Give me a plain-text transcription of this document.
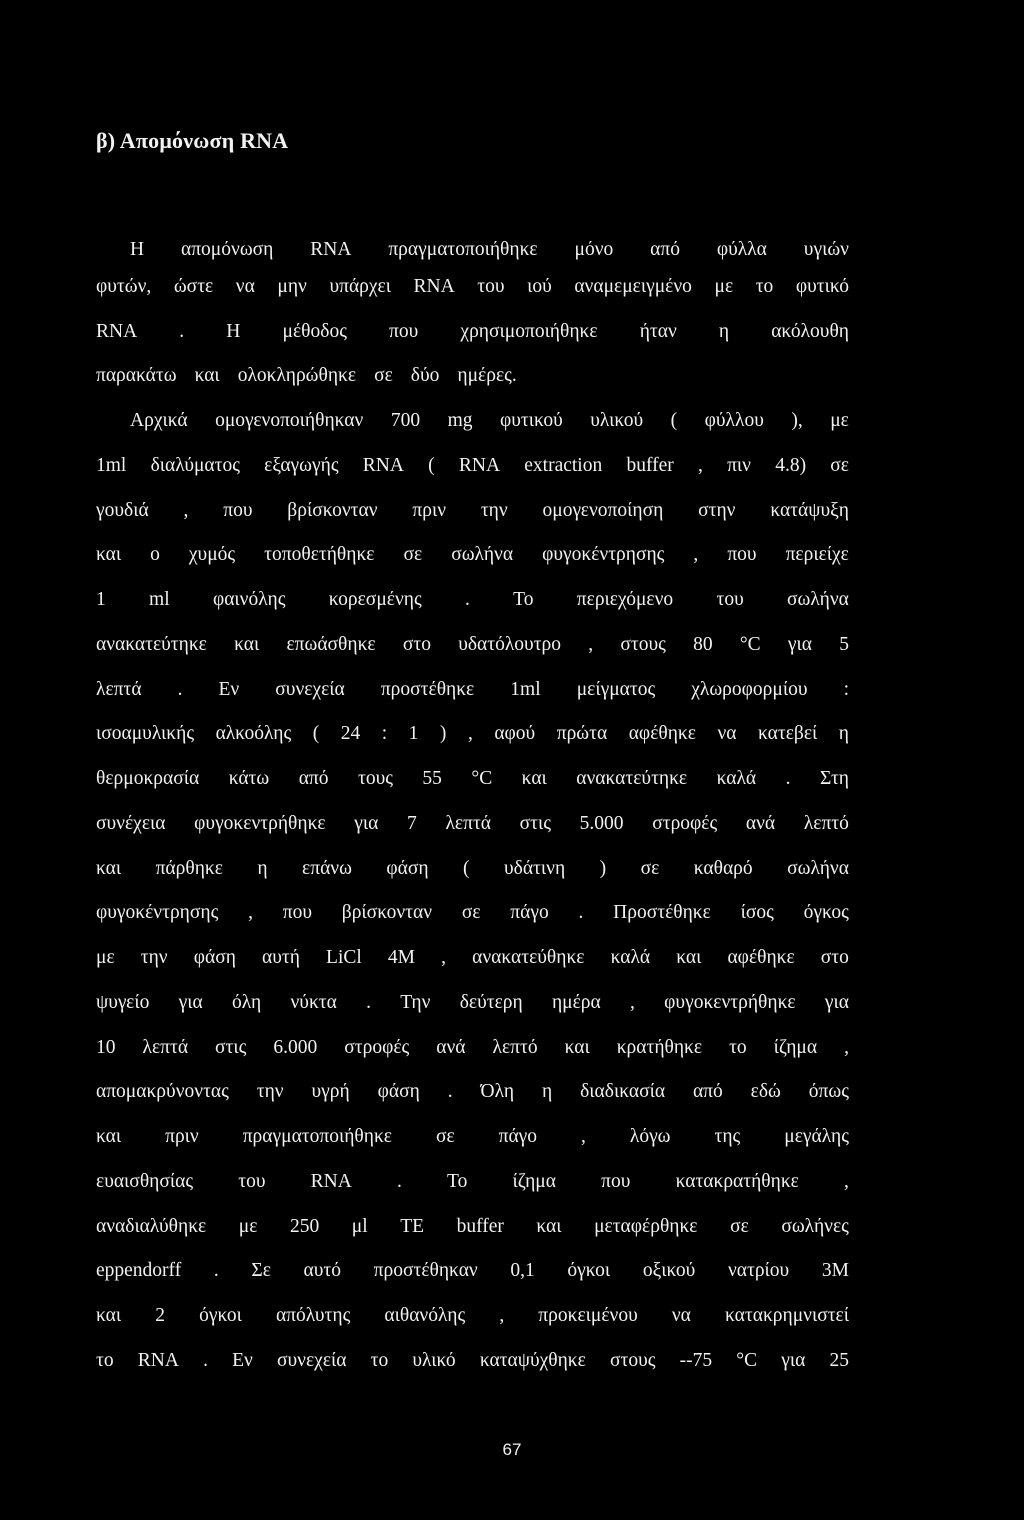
β) Απομόνωση RNA
Η απομόνωση RNA πραγματοποιήθηκε μόνο από φύλλα υγιών
φυτών, ώστε να μην υπάρχει RNA του ιού αναμεμειγμένο με το φυτικό
RNA . Η μέθοδος που χρησιμοποιήθηκε ήταν η ακόλουθη
παρακάτω και ολοκληρώθηκε σε δύο ημέρες.
Αρχικά ομογενοποιήθηκαν 700 mg φυτικού υλικού ( φύλλου ), με
1ml διαλύματος εξαγωγής RNA ( RNA extraction buffer , πιν 4.8) σε
γουδιά , που βρίσκονταν πριν την ομογενοποίηση στην κατάψυξη
και ο χυμός τοποθετήθηκε σε σωλήνα φυγοκέντρησης , που περιείχε
1 ml φαινόλης κορεσμένης . Το περιεχόμενο του σωλήνα
ανακατεύτηκε και επωάσθηκε στο υδατόλουτρο , στους 80 °C για 5
λεπτά . Εν συνεχεία προστέθηκε 1ml μείγματος χλωροφορμίου :
ισοαμυλικής αλκοόλης ( 24 : 1 ) , αφού πρώτα αφέθηκε να κατεβεί η
θερμοκρασία κάτω από τους 55 °C και ανακατεύτηκε καλά . Στη
συνέχεια φυγοκεντρήθηκε για 7 λεπτά στις 5.000 στροφές ανά λεπτό
και πάρθηκε η επάνω φάση ( υδάτινη ) σε καθαρό σωλήνα
φυγοκέντρησης , που βρίσκονταν σε πάγο . Προστέθηκε ίσος όγκος
με την φάση αυτή LiCl 4M , ανακατεύθηκε καλά και αφέθηκε στο
ψυγείο για όλη νύκτα . Την δεύτερη ημέρα , φυγοκεντρήθηκε για
10 λεπτά στις 6.000 στροφές ανά λεπτό και κρατήθηκε το ίζημα ,
απομακρύνοντας την υγρή φάση . Όλη η διαδικασία από εδώ όπως
και πριν πραγματοποιήθηκε σε πάγο , λόγω της μεγάλης
ευαισθησίας του RNA . Το ίζημα που κατακρατήθηκε ,
αναδιαλύθηκε με 250 μl TE buffer και μεταφέρθηκε σε σωλήνες
eppendorff . Σε αυτό προστέθηκαν 0,1 όγκοι οξικού νατρίου 3M
και 2 όγκοι απόλυτης αιθανόλης , προκειμένου να κατακρημνιστεί
το RNA . Εν συνεχεία το υλικό καταψύχθηκε στους --75 °C για 25
67
